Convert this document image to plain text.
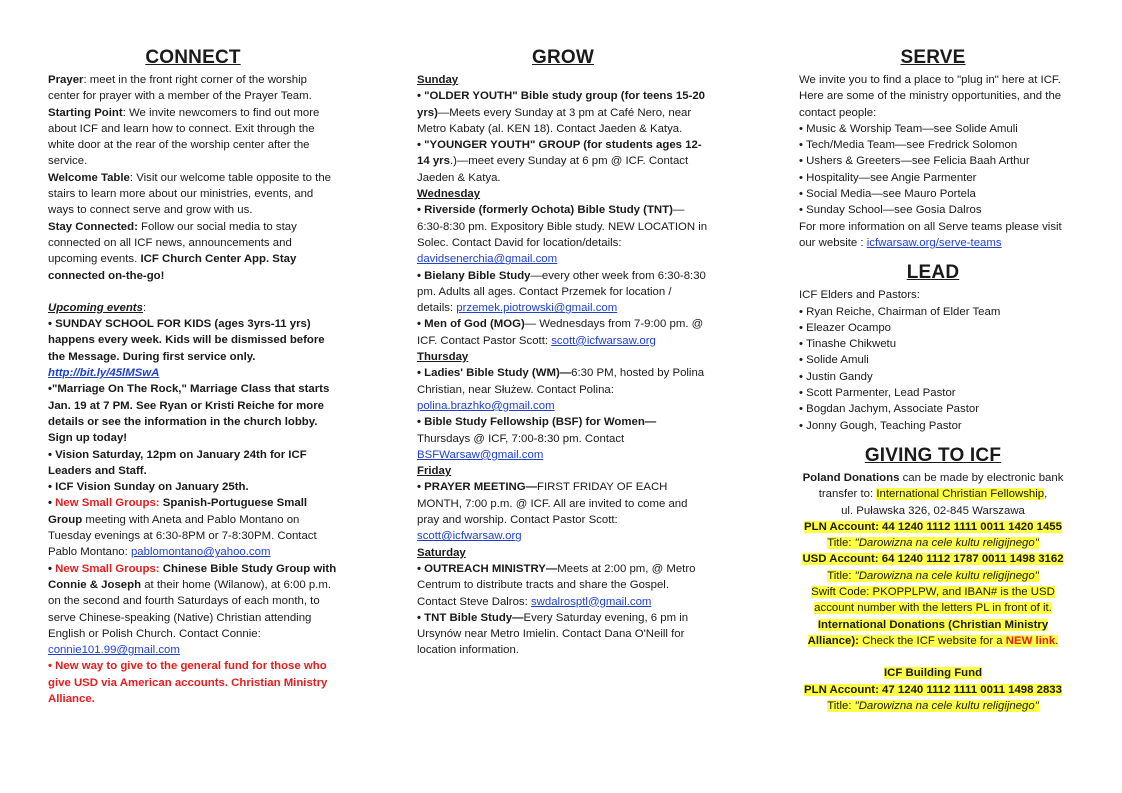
CONNECT

Prayer: meet in the front right corner of the worship center for prayer with a member of the Prayer Team.

Starting Point: We invite newcomers to find out more about ICF and learn how to connect. Exit through the white door at the rear of the worship center after the service.

Welcome Table: Visit our welcome table opposite to the stairs to learn more about our ministries, events, and ways to connect serve and grow with us.

Stay Connected: Follow our social media to stay connected on all ICF news, announcements and upcoming events. ICF Church Center App. Stay connected on-the-go!

Upcoming events:

• SUNDAY SCHOOL FOR KIDS (ages 3yrs-11 yrs) happens every week. Kids will be dismissed before the Message. During first service only.

http://bit.ly/45lMSwA

•"Marriage On The Rock," Marriage Class that starts Jan. 19 at 7 PM. See Ryan or Kristi Reiche for more details or see the information in the church lobby. Sign up today!

• Vision Saturday, 12pm on January 24th for ICF Leaders and Staff.

• ICF Vision Sunday on January 25th.

• New Small Groups: Spanish-Portuguese Small Group meeting with Aneta and Pablo Montano on Tuesday evenings at 6:30-8PM or 7-8:30PM. Contact Pablo Montano: pablomontano@yahoo.com

• New Small Groups: Chinese Bible Study Group with Connie & Joseph at their home (Wilanow), at 6:00 p.m. on the second and fourth Saturdays of each month, to serve Chinese-speaking (Native) Christian attending English or Polish Church. Contact Connie: connie101.99@gmail.com

• New way to give to the general fund for those who give USD via American accounts. Christian Ministry Alliance.

GROW

Sunday

• "OLDER YOUTH" Bible study group (for teens 15-20 yrs)—Meets every Sunday at 3 pm at Café Nero, near Metro Kabaty (al. KEN 18). Contact Jaeden & Katya.

• "YOUNGER YOUTH" GROUP (for students ages 12-14 yrs.)—meet every Sunday at 6 pm @ ICF. Contact Jaeden & Katya.

Wednesday

• Riverside (formerly Ochota) Bible Study (TNT)—6:30-8:30 pm. Expository Bible study. NEW LOCATION in Solec. Contact David for location/details: davidsenerchia@gmail.com

• Bielany Bible Study—every other week from 6:30-8:30 pm. Adults all ages. Contact Przemek for location / details: przemek.piotrowski@gmail.com

• Men of God (MOG)— Wednesdays from 7-9:00 pm. @ ICF. Contact Pastor Scott: scott@icfwarsaw.org

Thursday

• Ladies' Bible Study (WM)—6:30 PM, hosted by Polina Christian, near Służew. Contact Polina: polina.brazhko@gmail.com

• Bible Study Fellowship (BSF) for Women— Thursdays @ ICF, 7:00-8:30 pm. Contact BSFWarsaw@gmail.com

Friday

• PRAYER MEETING—FIRST FRIDAY OF EACH MONTH, 7:00 p.m. @ ICF. All are invited to come and pray and worship. Contact Pastor Scott: scott@icfwarsaw.org

Saturday

• OUTREACH MINISTRY—Meets at 2:00 pm, @ Metro Centrum to distribute tracts and share the Gospel. Contact Steve Dalros: swdalrosptl@gmail.com

• TNT Bible Study—Every Saturday evening, 6 pm in Ursynów near Metro Imielin. Contact Dana O'Neill for location information.

SERVE

We invite you to find a place to "plug in" here at ICF. Here are some of the ministry opportunities, and the contact people:

• Music & Worship Team—see Solide Amuli

• Tech/Media Team—see Fredrick Solomon

• Ushers & Greeters—see Felicia Baah Arthur

• Hospitality—see Angie Parmenter

• Social Media—see Mauro Portela

• Sunday School—see Gosia Dalros

For more information on all Serve teams please visit our website : icfwarsaw.org/serve-teams

LEAD

ICF Elders and Pastors:

• Ryan Reiche, Chairman of Elder Team

• Eleazer Ocampo

• Tinashe Chikwetu

• Solide Amuli

• Justin Gandy

• Scott Parmenter, Lead Pastor

• Bogdan Jachym, Associate Pastor

• Jonny Gough, Teaching Pastor

GIVING TO ICF

Poland Donations can be made by electronic bank transfer to: International Christian Fellowship,

ul. Puławska 326, 02-845 Warszawa

PLN Account: 44 1240 1112 1111 0011 1420 1455

Title: "Darowizna na cele kultu religijnego"

USD Account: 64 1240 1112 1787 0011 1498 3162

Title: "Darowizna na cele kultu religijnego"

Swift Code: PKOPPLPW, and IBAN# is the USD account number with the letters PL in front of it.

International Donations (Christian Ministry Alliance): Check the ICF website for a NEW link.

ICF Building Fund

PLN Account: 47 1240 1112 1111 0011 1498 2833

Title: "Darowizna na cele kultu religijnego"
